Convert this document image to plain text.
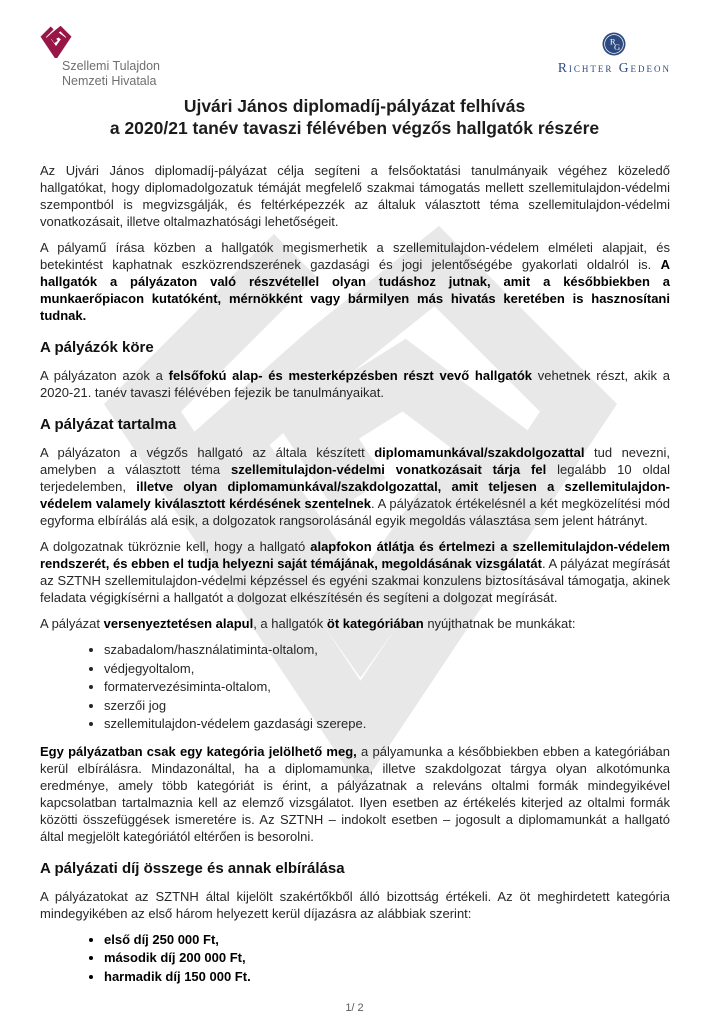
Szellemi Tulajdon
Nemzeti Hivatala
R
G
Richter Gedeon
Ujvári János diplomadíj-pályázat felhívás
a 2020/21 tanév tavaszi félévében végzős hallgatók részére

Az Ujvári János diplomadíj-pályázat célja segíteni a felsőoktatási tanulmányaik végéhez közeledő hallgatókat, hogy diplomadolgozatuk témáját megfelelő szakmai támogatás mellett szellemitulajdon-védelmi szempontból is megvizsgálják, és feltérképezzék az általuk választott téma szellemitulajdon-védelmi vonatkozásait, illetve oltalmazhatósági lehetőségeit.

A pályamű írása közben a hallgatók megismerhetik a szellemitulajdon-védelem elméleti alapjait, és betekintést kaphatnak eszközrendszerének gazdasági és jogi jelentőségébe gyakorlati oldalról is. A hallgatók a pályázaton való részvétellel olyan tudáshoz jutnak, amit a későbbiekben a munkaerőpiacon kutatóként, mérnökként vagy bármilyen más hivatás keretében is hasznosítani tudnak.

A pályázók köre

A pályázaton azok a felsőfokú alap- és mesterképzésben részt vevő hallgatók vehetnek részt, akik a 2020-21. tanév tavaszi félévében fejezik be tanulmányaikat.

A pályázat tartalma

A pályázaton a végzős hallgató az általa készített diplomamunkával/szakdolgozattal tud nevezni, amelyben a választott téma szellemitulajdon-védelmi vonatkozásait tárja fel legalább 10 oldal terjedelemben, illetve olyan diplomamunkával/szakdolgozattal, amit teljesen a szellemitulajdon-védelem valamely kiválasztott kérdésének szentelnek. A pályázatok értékelésnél a két megközelítési mód egyforma elbírálás alá esik, a dolgozatok rangsorolásánál egyik megoldás választása sem jelent hátrányt.

A dolgozatnak tükröznie kell, hogy a hallgató alapfokon átlátja és értelmezi a szellemitulajdon-védelem rendszerét, és ebben el tudja helyezni saját témájának, megoldásának vizsgálatát. A pályázat megírását az SZTNH szellemitulajdon-védelmi képzéssel és egyéni szakmai konzulens biztosításával támogatja, akinek feladata végigkísérni a hallgatót a dolgozat elkészítésén és segíteni a dolgozat megírását.

A pályázat versenyeztetésen alapul, a hallgatók öt kategóriában nyújthatnak be munkákat:

• szabadalom/használatiminta-oltalom,
• védjegyoltalom,
• formatervezésiminta-oltalom,
• szerzői jog
• szellemitulajdon-védelem gazdasági szerepe.

Egy pályázatban csak egy kategória jelölhető meg, a pályamunka a későbbiekben ebben a kategóriában kerül elbírálásra. Mindazonáltal, ha a diplomamunka, illetve szakdolgozat tárgya olyan alkotómunka eredménye, amely több kategóriát is érint, a pályázatnak a releváns oltalmi formák mindegyikével kapcsolatban tartalmaznia kell az elemző vizsgálatot. Ilyen esetben az értékelés kiterjed az oltalmi formák közötti összefüggések ismeretére is. Az SZTNH – indokolt esetben – jogosult a diplomamunkát a hallgató által megjelölt kategóriától eltérően is besorolni.

A pályázati díj összege és annak elbírálása

A pályázatokat az SZTNH által kijelölt szakértőkből álló bizottság értékeli. Az öt meghirdetett kategória mindegyikében az első három helyezett kerül díjazásra az alábbiak szerint:

• első díj 250 000 Ft,
• második díj 200 000 Ft,
• harmadik díj 150 000 Ft.
1/ 2
